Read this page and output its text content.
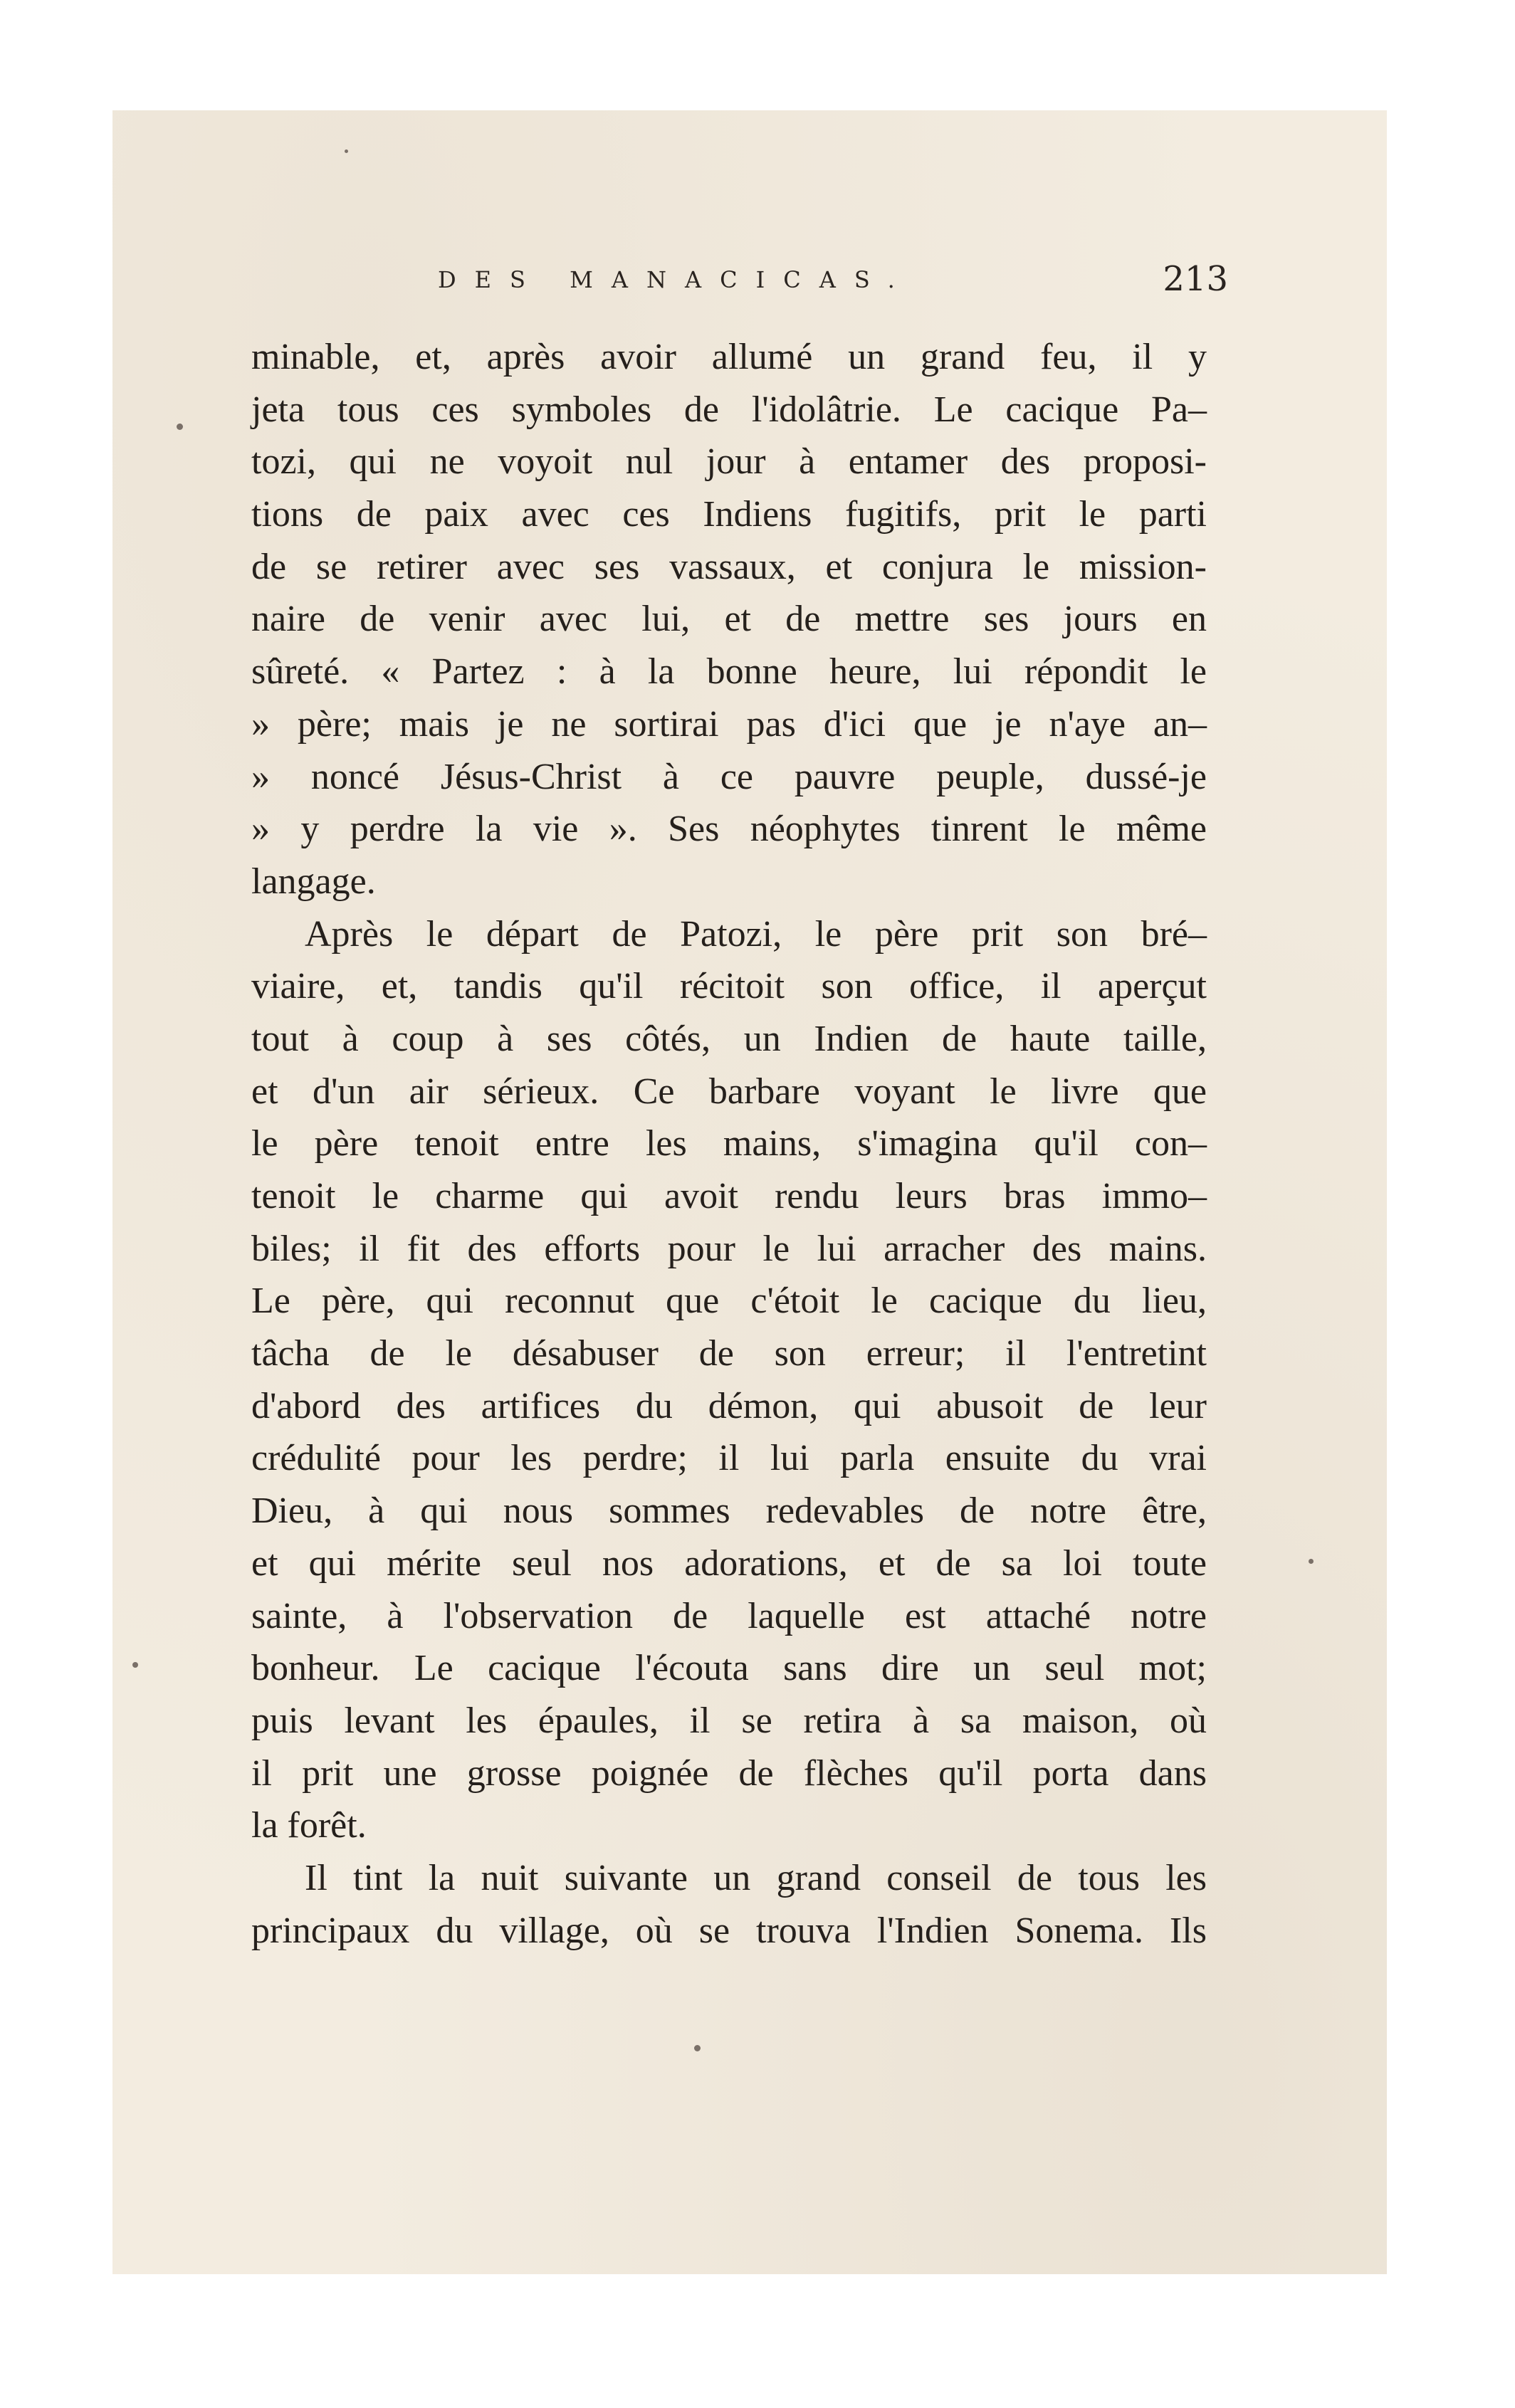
DES MANACICAS.	213
minable, et, après avoir allumé un grand feu, il y
jeta tous ces symboles de l'idolâtrie. Le cacique Pa–
tozi, qui ne voyoit nul jour à entamer des proposi-
tions de paix avec ces Indiens fugitifs, prit le parti
de se retirer avec ses vassaux, et conjura le mission-
naire de venir avec lui, et de mettre ses jours en
sûreté. « Partez : à la bonne heure, lui répondit le
» père; mais je ne sortirai pas d'ici que je n'aye an–
» noncé Jésus-Christ à ce pauvre peuple, dussé-je
» y perdre la vie ». Ses néophytes tinrent le même
langage.
Après le départ de Patozi, le père prit son bré–
viaire, et, tandis qu'il récitoit son office, il aperçut
tout à coup à ses côtés, un Indien de haute taille,
et d'un air sérieux. Ce barbare voyant le livre que
le père tenoit entre les mains, s'imagina qu'il con–
tenoit le charme qui avoit rendu leurs bras immo–
biles; il fit des efforts pour le lui arracher des mains.
Le père, qui reconnut que c'étoit le cacique du lieu,
tâcha de le désabuser de son erreur; il l'entretint
d'abord des artifices du démon, qui abusoit de leur
crédulité pour les perdre; il lui parla ensuite du vrai
Dieu, à qui nous sommes redevables de notre être,
et qui mérite seul nos adorations, et de sa loi toute
sainte, à l'observation de laquelle est attaché notre
bonheur. Le cacique l'écouta sans dire un seul mot;
puis levant les épaules, il se retira à sa maison, où
il prit une grosse poignée de flèches qu'il porta dans
la forêt.
Il tint la nuit suivante un grand conseil de tous les
principaux du village, où se trouva l'Indien Sonema. Ils
